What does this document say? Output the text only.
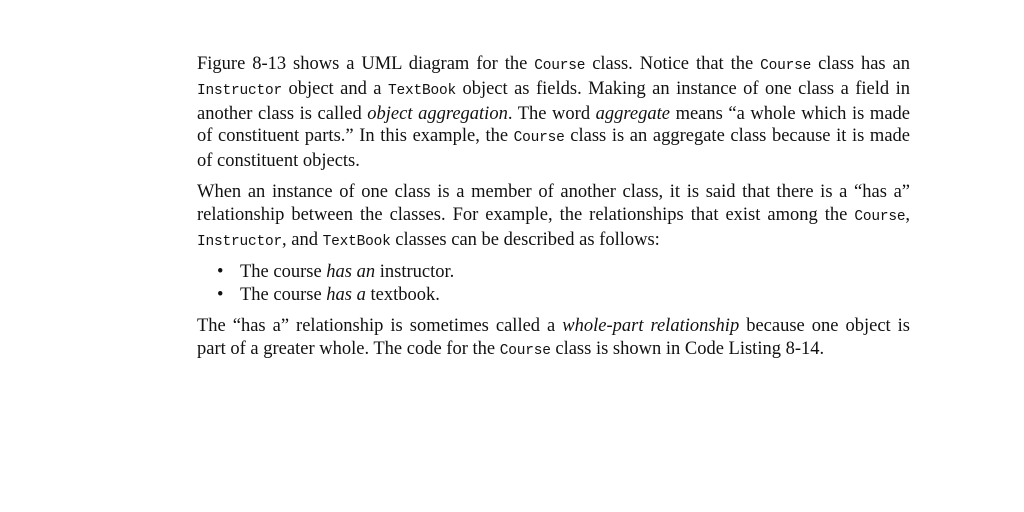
Figure 8-13 shows a UML diagram for the Course class. Notice that the Course class has an Instructor object and a TextBook object as fields. Making an instance of one class a field in another class is called object aggregation. The word aggregate means “a whole which is made of constituent parts.” In this example, the Course class is an aggregate class because it is made of constituent objects.

When an instance of one class is a member of another class, it is said that there is a “has a” relationship between the classes. For example, the relationships that exist among the Course, Instructor, and TextBook classes can be described as follows:

• The course has an instructor.
• The course has a textbook.

The “has a” relationship is sometimes called a whole-part relationship because one object is part of a greater whole. The code for the Course class is shown in Code Listing 8-14.
